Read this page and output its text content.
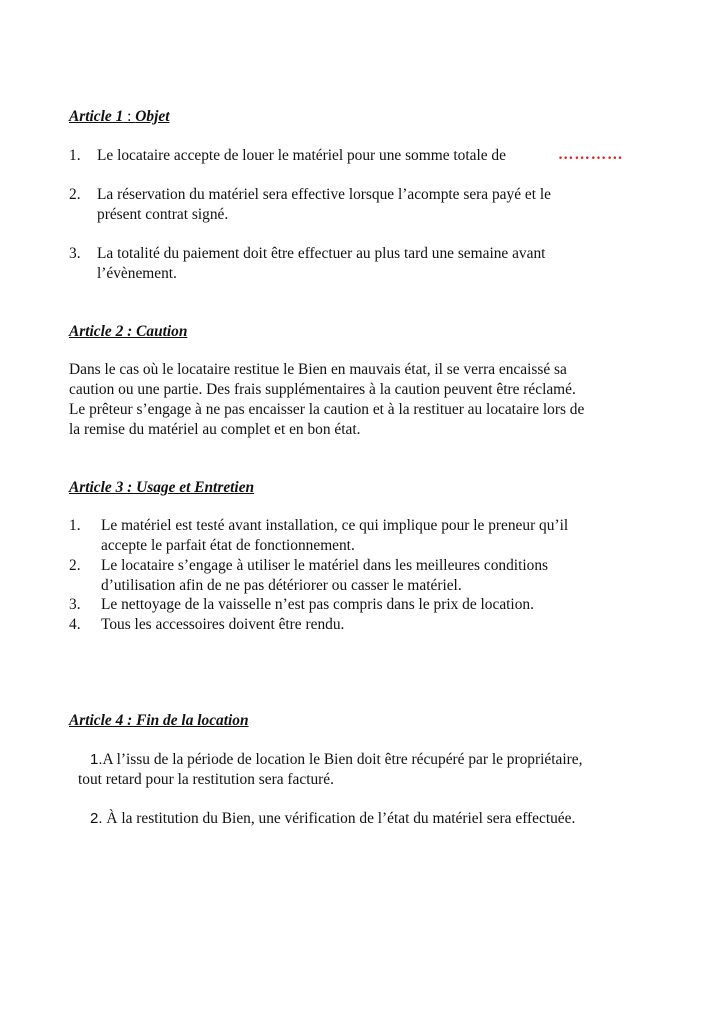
Article 1 : Objet
1. Le locataire accepte de louer le matériel pour une somme totale de	…………
2. La réservation du matériel sera effective lorsque l’acompte sera payé et le
présent contrat signé.
3. La totalité du paiement doit être effectuer au plus tard une semaine avant
l’évènement.
Article 2 : Caution
Dans le cas où le locataire restitue le Bien en mauvais état, il se verra encaissé sa
caution ou une partie. Des frais supplémentaires à la caution peuvent être réclamé.
Le prêteur s’engage à ne pas encaisser la caution et à la restituer au locataire lors de
la remise du matériel au complet et en bon état.
Article 3 : Usage et Entretien
1. Le matériel est testé avant installation, ce qui implique pour le preneur qu’il
accepte le parfait état de fonctionnement.
2. Le locataire s’engage à utiliser le matériel dans les meilleures conditions
d’utilisation afin de ne pas détériorer ou casser le matériel.
3. Le nettoyage de la vaisselle n’est pas compris dans le prix de location.
4. Tous les accessoires doivent être rendu.
Article 4 : Fin de la location
1.A l’issu de la période de location le Bien doit être récupéré par le propriétaire,
tout retard pour la restitution sera facturé.
2. À la restitution du Bien, une vérification de l’état du matériel sera effectuée.
